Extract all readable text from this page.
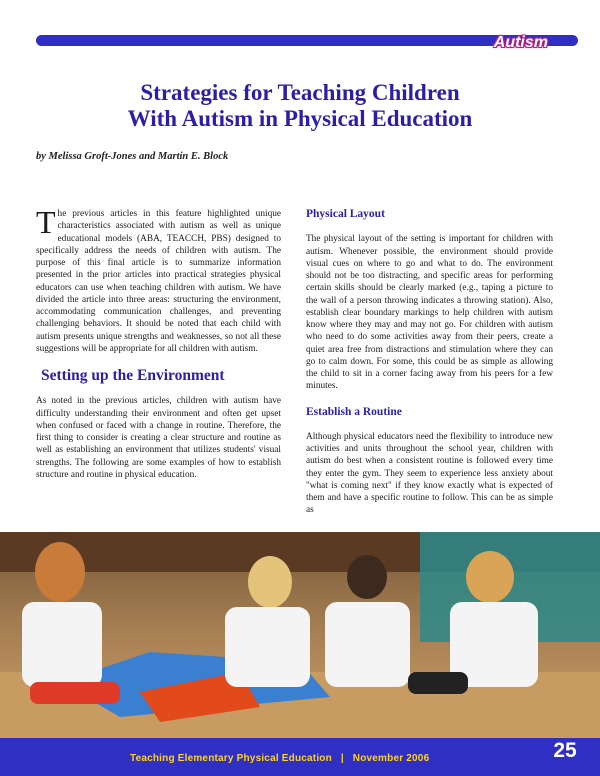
Autism
Strategies for Teaching Children
With Autism in Physical Education
by Melissa Groft-Jones and Martin E. Block

The previous articles in this feature highlighted unique characteristics associated with autism as well as unique educational models (ABA, TEACCH, PBS) designed to specifically address the needs of children with autism. The purpose of this final article is to summarize information presented in the prior articles into practical strategies physical educators can use when teaching children with autism. We have divided the article into three areas: structuring the environment, accommodating communication challenges, and preventing challenging behaviors. It should be noted that each child with autism presents unique strengths and weaknesses, so not all these suggestions will be appropriate for all children with autism.

Setting up the Environment

As noted in the previous articles, children with autism have difficulty understanding their environment and often get upset when confused or faced with a change in routine. Therefore, the first thing to consider is creating a clear structure and routine as well as establishing an environment that utilizes students' visual strengths. The following are some examples of how to establish structure and routine in physical education.

Physical Layout

The physical layout of the setting is important for children with autism. Whenever possible, the environment should provide visual cues on where to go and what to do. The environment should not be too distracting, and specific areas for performing certain skills should be clearly marked (e.g., taping a picture to the wall of a person throwing indicates a throwing station). Also, establish clear boundary markings to help children with autism know where they may and may not go. For children with autism who need to do some activities away from their peers, create a quiet area free from distractions and stimulation where they can go to calm down. For some, this could be as simple as allowing the child to sit in a corner facing away from his peers for a few minutes.

Establish a Routine

Although physical educators need the flexibility to introduce new activities and units throughout the school year, children with autism do best when a consistent routine is followed every time they enter the gym. They seem to experience less anxiety about "what is coming next" if they know exactly what is expected of them and have a specific routine to follow. This can be as simple as

Teaching Elementary Physical Education | November 2006	25
